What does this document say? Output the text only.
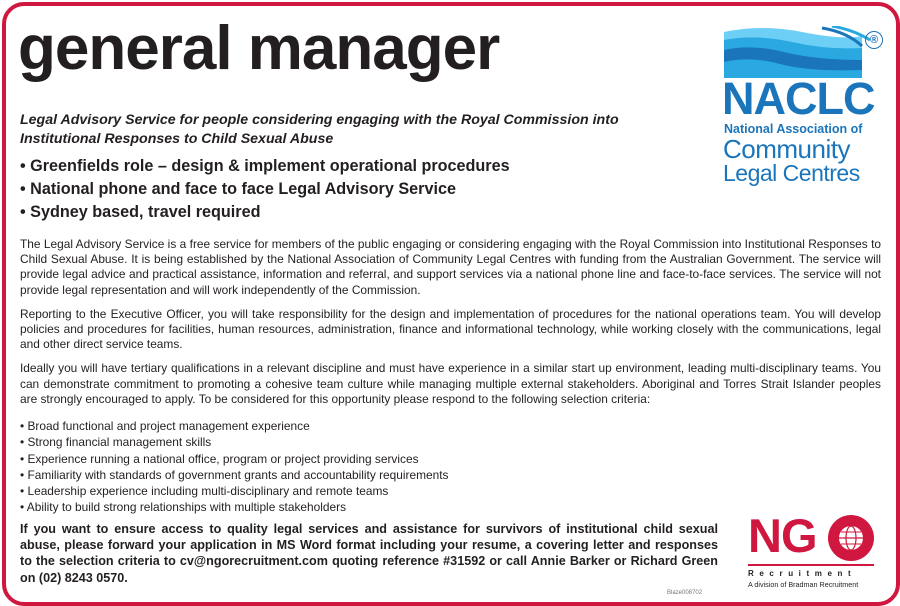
general manager
Legal Advisory Service for people considering engaging with the Royal Commission into Institutional Responses to Child Sexual Abuse
• Greenfields role – design & implement operational procedures
• National phone and face to face Legal Advisory Service
• Sydney based, travel required

The Legal Advisory Service is a free service for members of the public engaging or considering engaging with the Royal Commission into Institutional Responses to Child Sexual Abuse. It is being established by the National Association of Community Legal Centres with funding from the Australian Government. The service will provide legal advice and practical assistance, information and referral, and support services via a national phone line and face-to-face services. The service will not provide legal representation and will work independently of the Commission.

Reporting to the Executive Officer, you will take responsibility for the design and implementation of procedures for the national operations team. You will develop policies and procedures for facilities, human resources, administration, finance and informational technology, while working closely with the communications, legal and other direct service teams.

Ideally you will have tertiary qualifications in a relevant discipline and must have experience in a similar start up environment, leading multi-disciplinary teams. You can demonstrate commitment to promoting a cohesive team culture while managing multiple external stakeholders. Aboriginal and Torres Strait Islander peoples are strongly encouraged to apply. To be considered for this opportunity please respond to the following selection criteria:

• Broad functional and project management experience
• Strong financial management skills
• Experience running a national office, program or project providing services
• Familiarity with standards of government grants and accountability requirements
• Leadership experience including multi-disciplinary and remote teams
• Ability to build strong relationships with multiple stakeholders
If you want to ensure access to quality legal services and assistance for survivors of institutional child sexual abuse, please forward your application in MS Word format including your resume, a covering letter and responses to the selection criteria to cv@ngorecruitment.com quoting reference #31592 or call Annie Barker or Richard Green on (02) 8243 0570.
Blaze008702
®
NACLC
National Association of
Community
Legal Centres
NG
Recruitment
A division of Bradman Recruitment
